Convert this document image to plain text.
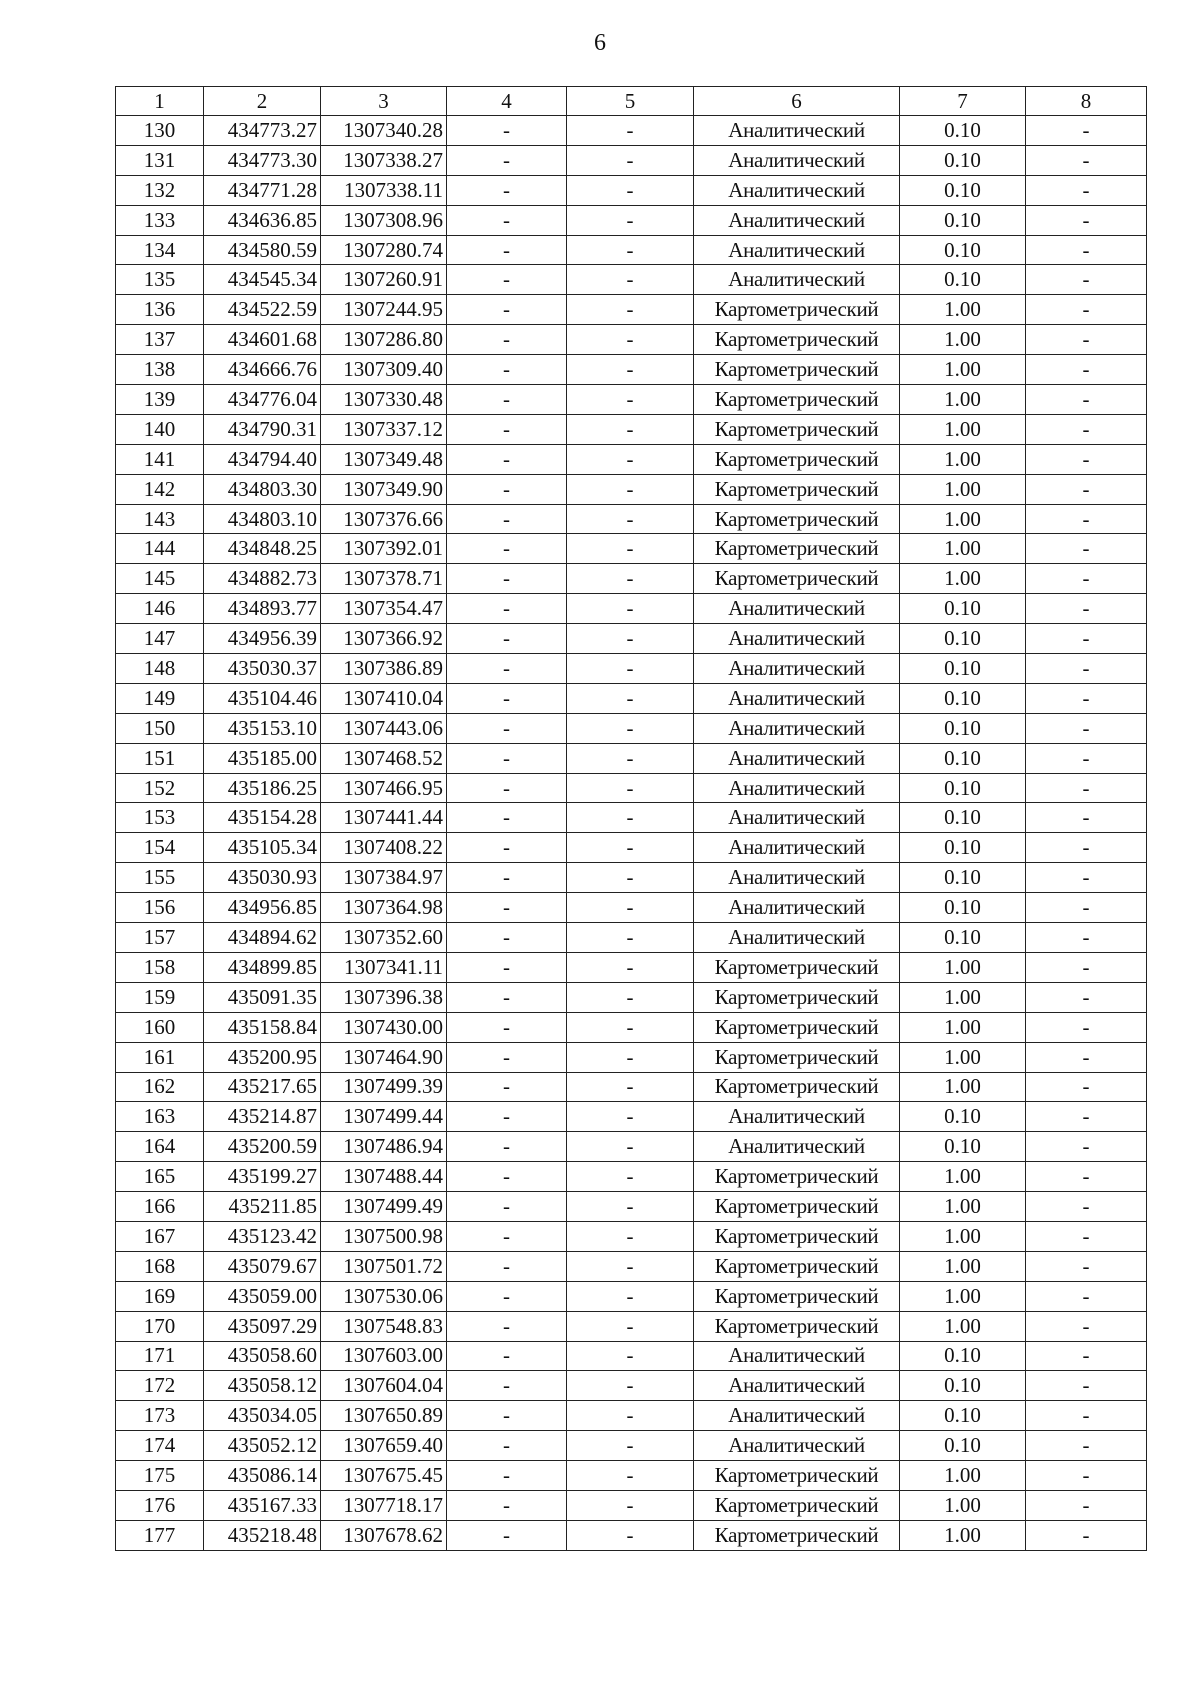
6
1	2	3	4	5	6	7	8
130	434773.27	1307340.28	-	-	Аналитический	0.10	-
131	434773.30	1307338.27	-	-	Аналитический	0.10	-
132	434771.28	1307338.11	-	-	Аналитический	0.10	-
133	434636.85	1307308.96	-	-	Аналитический	0.10	-
134	434580.59	1307280.74	-	-	Аналитический	0.10	-
135	434545.34	1307260.91	-	-	Аналитический	0.10	-
136	434522.59	1307244.95	-	-	Картометрический	1.00	-
137	434601.68	1307286.80	-	-	Картометрический	1.00	-
138	434666.76	1307309.40	-	-	Картометрический	1.00	-
139	434776.04	1307330.48	-	-	Картометрический	1.00	-
140	434790.31	1307337.12	-	-	Картометрический	1.00	-
141	434794.40	1307349.48	-	-	Картометрический	1.00	-
142	434803.30	1307349.90	-	-	Картометрический	1.00	-
143	434803.10	1307376.66	-	-	Картометрический	1.00	-
144	434848.25	1307392.01	-	-	Картометрический	1.00	-
145	434882.73	1307378.71	-	-	Картометрический	1.00	-
146	434893.77	1307354.47	-	-	Аналитический	0.10	-
147	434956.39	1307366.92	-	-	Аналитический	0.10	-
148	435030.37	1307386.89	-	-	Аналитический	0.10	-
149	435104.46	1307410.04	-	-	Аналитический	0.10	-
150	435153.10	1307443.06	-	-	Аналитический	0.10	-
151	435185.00	1307468.52	-	-	Аналитический	0.10	-
152	435186.25	1307466.95	-	-	Аналитический	0.10	-
153	435154.28	1307441.44	-	-	Аналитический	0.10	-
154	435105.34	1307408.22	-	-	Аналитический	0.10	-
155	435030.93	1307384.97	-	-	Аналитический	0.10	-
156	434956.85	1307364.98	-	-	Аналитический	0.10	-
157	434894.62	1307352.60	-	-	Аналитический	0.10	-
158	434899.85	1307341.11	-	-	Картометрический	1.00	-
159	435091.35	1307396.38	-	-	Картометрический	1.00	-
160	435158.84	1307430.00	-	-	Картометрический	1.00	-
161	435200.95	1307464.90	-	-	Картометрический	1.00	-
162	435217.65	1307499.39	-	-	Картометрический	1.00	-
163	435214.87	1307499.44	-	-	Аналитический	0.10	-
164	435200.59	1307486.94	-	-	Аналитический	0.10	-
165	435199.27	1307488.44	-	-	Картометрический	1.00	-
166	435211.85	1307499.49	-	-	Картометрический	1.00	-
167	435123.42	1307500.98	-	-	Картометрический	1.00	-
168	435079.67	1307501.72	-	-	Картометрический	1.00	-
169	435059.00	1307530.06	-	-	Картометрический	1.00	-
170	435097.29	1307548.83	-	-	Картометрический	1.00	-
171	435058.60	1307603.00	-	-	Аналитический	0.10	-
172	435058.12	1307604.04	-	-	Аналитический	0.10	-
173	435034.05	1307650.89	-	-	Аналитический	0.10	-
174	435052.12	1307659.40	-	-	Аналитический	0.10	-
175	435086.14	1307675.45	-	-	Картометрический	1.00	-
176	435167.33	1307718.17	-	-	Картометрический	1.00	-
177	435218.48	1307678.62	-	-	Картометрический	1.00	-
